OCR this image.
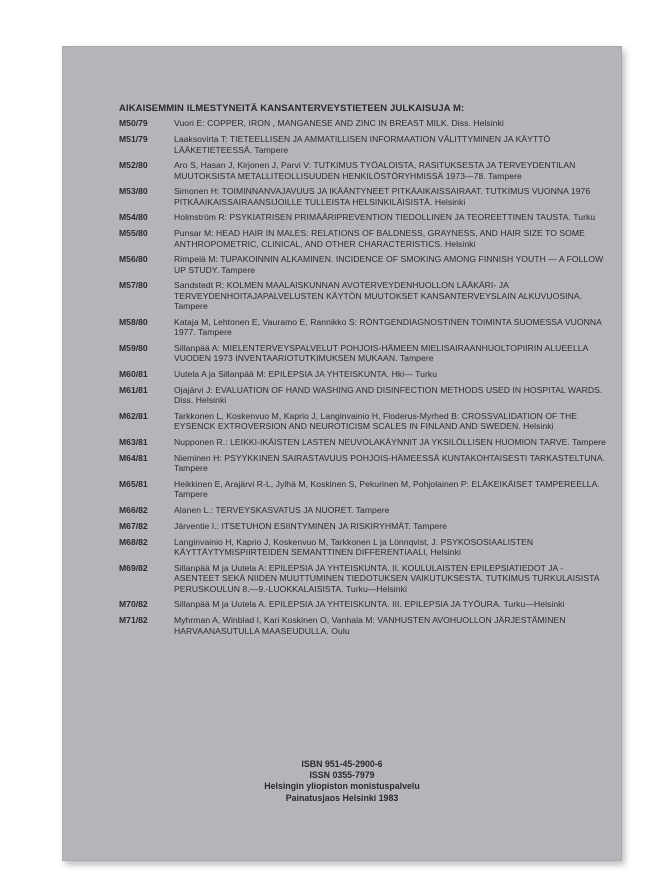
AIKAISEMMIN ILMESTYNEITÄ KANSANTERVEYSTIETEEN JULKAISUJA M:
M50/79	Vuori E: COPPER, IRON , MANGANESE AND ZINC IN BREAST MILK. Diss. Helsinki
M51/79	Laaksovirta T: TIETEELLISEN JA AMMATILLISEN INFORMAATION VÄLITTYMINEN JA KÄYTTÖ LÄÄKETIETEESSÄ. Tampere
M52/80	Aro S, Hasan J, Kirjonen J, Parvi V: TUTKIMUS TYÖALOISTA, RASITUKSESTA JA TERVEYDENTILAN MUUTOKSISTA METALLITEOLLISUUDEN HENKILÖSTÖRYHMISSÄ 1973—78. Tampere
M53/80	Simonen H: TOIMINNANVAJAVUUS JA IKÄÄNTYNEET PITKÄAIKAISSAIRAAT. TUTKIMUS VUONNA 1976 PITKÄAIKAISSAIRAANSIJOILLE TULLEISTA HELSINKILÄISISTÄ. Helsinki
M54/80	Holmström R: PSYKIATRISEN PRIMÄÄRIPREVENTION TIEDOLLINEN JA TEOREETTINEN TAUSTA. Turku
M55/80	Punsar M: HEAD HAIR IN MALES: RELATIONS OF BALDNESS, GRAYNESS, AND HAIR SIZE TO SOME ANTHROPOMETRIC, CLINICAL, AND OTHER CHARACTERISTICS. Helsinki
M56/80	Rimpelä M: TUPAKOINNIN ALKAMINEN. INCIDENCE OF SMOKING AMONG FINNISH YOUTH — A FOLLOW UP STUDY. Tampere
M57/80	Sandstedt R: KOLMEN MAALAISKUNNAN AVOTERVEYDENHUOLLON LÄÄKÄRI- JA TERVEYDENHOITAJAPALVELUSTEN KÄYTÖN MUUTOKSET KANSANTERVEYSLAIN ALKUVUOSINA. Tampere
M58/80	Kataja M, Lehtonen E, Vauramo E, Rannikko S: RÖNTGENDIAGNOSTINEN TOIMINTA SUOMESSA VUONNA 1977. Tampere
M59/80	Sillanpää A: MIELENTERVEYSPALVELUT POHJOIS-HÄMEEN MIELISAIRAANHUOLTOPIIRIN ALUEELLA VUODEN 1973 INVENTAARIOTUTKIMUKSEN MUKAAN. Tampere
M60/81	Uutela A ja Sillanpää M: EPILEPSIA JA YHTEISKUNTA. Hki— Turku
M61/81	Ojajärvi J: EVALUATION OF HAND WASHING AND DISINFECTION METHODS USED IN HOSPITAL WARDS. Diss. Helsinki
M62/81	Tarkkonen L, Koskenvuo M, Kaprio J, Langinvainio H, Floderus-Myrhed B: CROSSVALIDATION OF THE EYSENCK EXTROVERSION AND NEUROTICISM SCALES IN FINLAND AND SWEDEN. Helsinki
M63/81	Nupponen R.: LEIKKI-IKÄISTEN LASTEN NEUVOLAKÄYNNIT JA YKSILÖLLISEN HUOMION TARVE. Tampere
M64/81	Nieminen H: PSYYKKINEN SAIRASTAVUUS POHJOIS-HÄMEESSÄ KUNTAKOHTAISESTI TARKASTELTUNA. Tampere
M65/81	Heikkinen E, Arajärvi R-L, Jylhä M, Koskinen S, Pekurinen M, Pohjolainen P: ELÄKEIKÄISET TAMPEREELLA. Tampere
M66/82	Alanen L.: TERVEYSKASVATUS JA NUORET. Tampere
M67/82	Järventie I.: ITSETUHON ESIINTYMINEN JA RISKIRYHMÄT. Tampere
M68/82	Langinvainio H, Kaprio J, Koskenvuo M, Tarkkonen L ja Lönnqvist, J. PSYKOSOSIAALISTEN KÄYTTÄYTYMISPIIRTEIDEN SEMANTTINEN DIFFERENTIAALI, Helsinki
M69/82	Sillanpää M ja Uutela A: EPILEPSIA JA YHTEISKUNTA. II. KOULULAISTEN EPILEPSIATIEDOT JA -ASENTEET SEKÄ NIIDEN MUUTTUMINEN TIEDOTUKSEN VAIKUTUKSESTA. TUTKIMUS TURKULAISISTA PERUSKOULUN 8.—9.-LUOKKALAISISTA. Turku—Helsinki
M70/82	Sillanpää M ja Uutela A. EPILEPSIA JA YHTEISKUNTA. III. EPILEPSIA JA TYÖURA. Turku—Helsinki
M71/82	Myhrman A, Winblad I, Kari Koskinen O, Vanhala M: VANHUSTEN AVOHUOLLON JÄRJESTÄMINEN HARVAANASUTULLA MAASEUDULLA. Oulu
ISBN 951-45-2900-6
ISSN 0355-7979
Helsingin yliopiston monistuspalvelu
Painatusjaos Helsinki 1983
